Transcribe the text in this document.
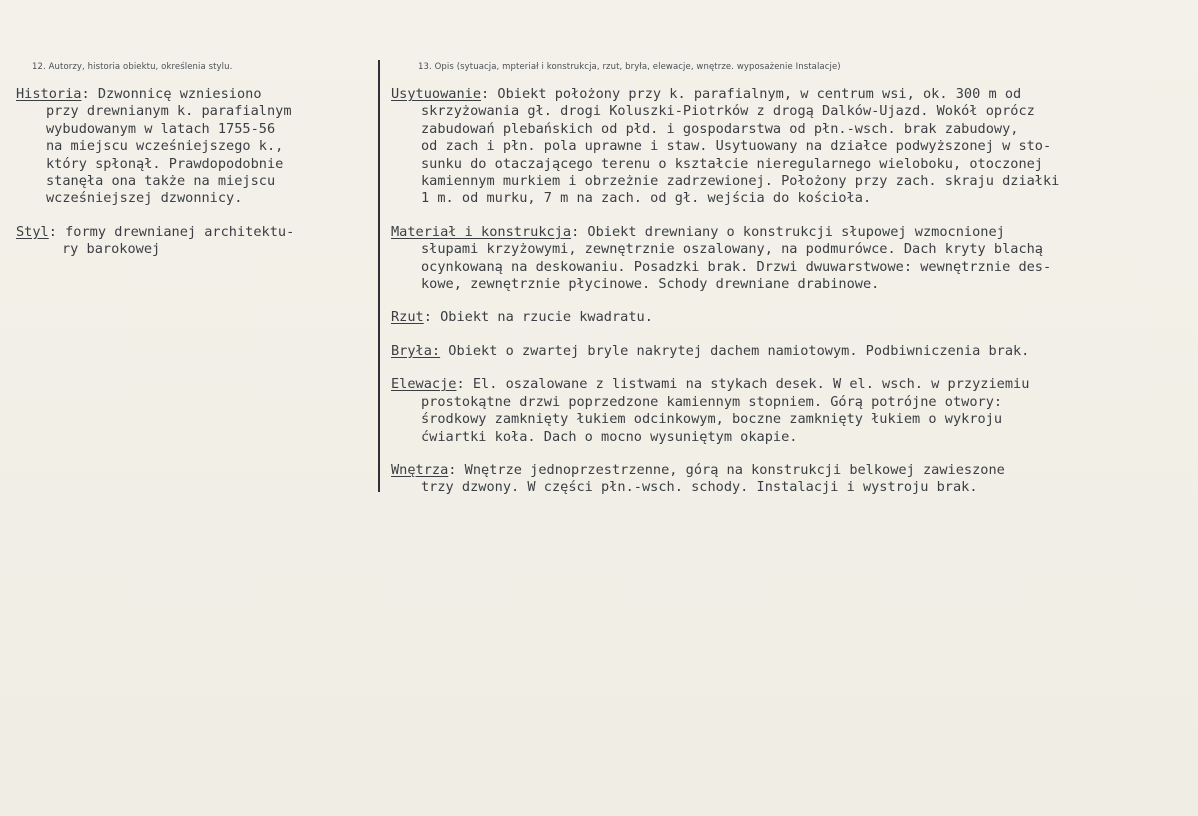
12. Autorzy, historia obiektu, określenia stylu.	13. Opis (sytuacja, mpteriał i konstrukcja, rzut, bryła, elewacje, wnętrze. wyposażenie Instalacje)
Historia: Dzwonnicę wzniesiono
przy drewnianym k. parafialnym
wybudowanym w latach 1755-56
na miejscu wcześniejszego k.,
który spłonął. Prawdopodobnie
stanęła ona także na miejscu
wcześniejszej dzwonnicy.
Styl: formy drewnianej architektu-
ry barokowej
Usytuowanie: Obiekt położony przy k. parafialnym, w centrum wsi, ok. 300 m od
skrzyżowania gł. drogi Koluszki-Piotrków z drogą Dalków-Ujazd. Wokół oprócz
zabudowań plebańskich od płd. i gospodarstwa od płn.-wsch. brak zabudowy,
od zach i płn. pola uprawne i staw. Usytuowany na działce podwyższonej w sto-
sunku do otaczającego terenu o kształcie nieregularnego wieloboku, otoczonej
kamiennym murkiem i obrzeżnie zadrzewionej. Położony przy zach. skraju działki
1 m. od murku, 7 m na zach. od gł. wejścia do kościoła.
Materiał i konstrukcja: Obiekt drewniany o konstrukcji słupowej wzmocnionej
słupami krzyżowymi, zewnętrznie oszalowany, na podmurówce. Dach kryty blachą
ocynkowaną na deskowaniu. Posadzki brak. Drzwi dwuwarstwowe: wewnętrznie des-
kowe, zewnętrznie płycinowe. Schody drewniane drabinowe.
Rzut: Obiekt na rzucie kwadratu.
Bryła: Obiekt o zwartej bryle nakrytej dachem namiotowym. Podbiwniczenia brak.
Elewacje: El. oszalowane z listwami na stykach desek. W el. wsch. w przyziemiu
prostokątne drzwi poprzedzone kamiennym stopniem. Górą potrójne otwory:
środkowy zamknięty łukiem odcinkowym, boczne zamknięty łukiem o wykroju
ćwiartki koła. Dach o mocno wysuniętym okapie.
Wnętrza: Wnętrze jednoprzestrzenne, górą na konstrukcji belkowej zawieszone
trzy dzwony. W części płn.-wsch. schody. Instalacji i wystroju brak.
